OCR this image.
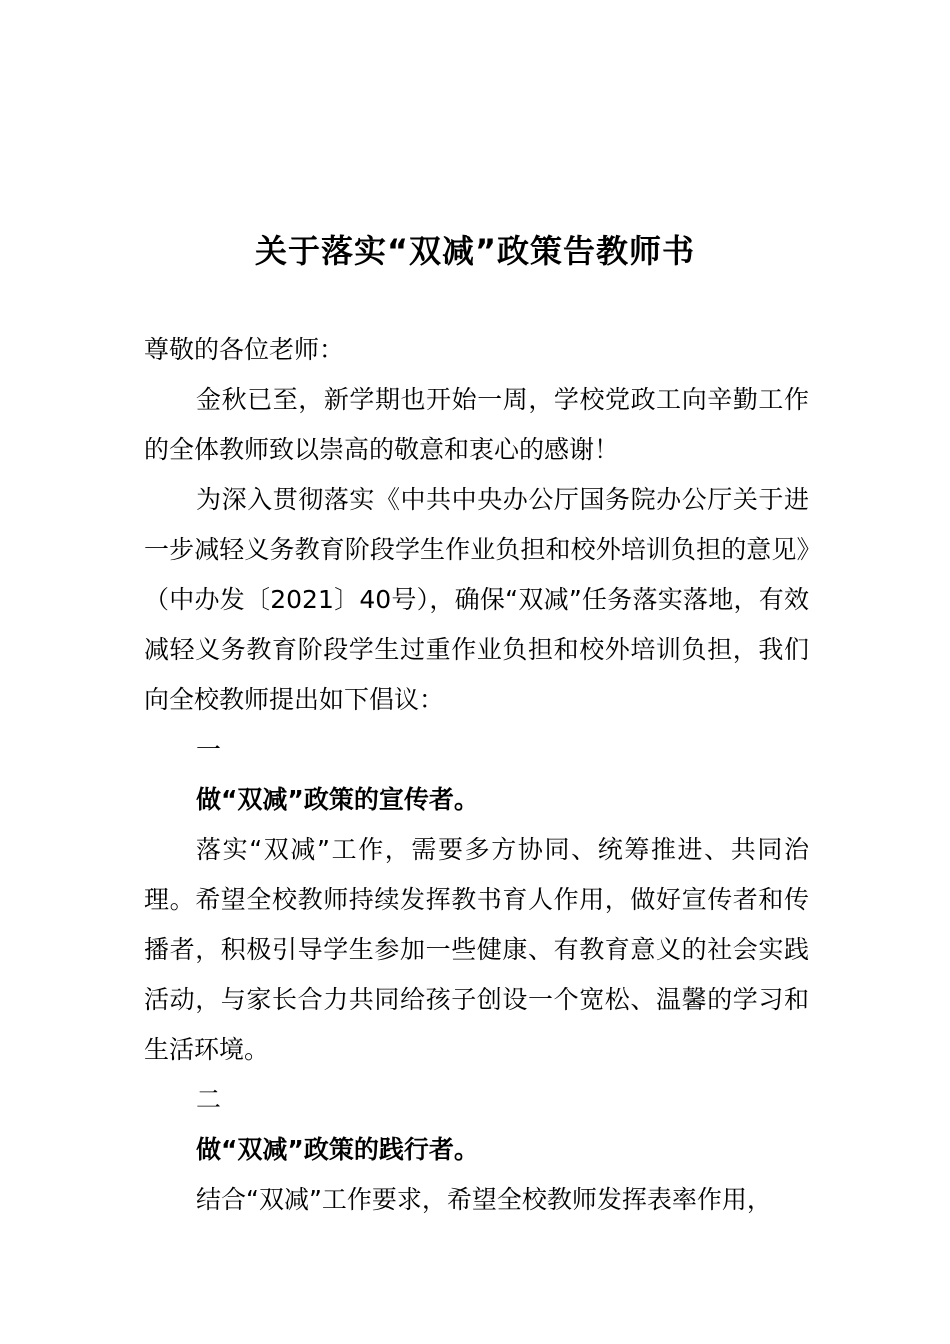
关于落实“双减”政策告教师书

尊敬的各位老师：

金秋已至，新学期也开始一周，学校党政工向辛勤工作的全体教师致以崇高的敬意和衷心的感谢！

为深入贯彻落实《中共中央办公厅国务院办公厅关于进一步减轻义务教育阶段学生作业负担和校外培训负担的意见》（中办发〔2021〕40号），确保“双减”任务落实落地，有效减轻义务教育阶段学生过重作业负担和校外培训负担，我们向全校教师提出如下倡议：

一

做“双减”政策的宣传者。

落实“双减”工作，需要多方协同、统筹推进、共同治理。希望全校教师持续发挥教书育人作用，做好宣传者和传播者，积极引导学生参加一些健康、有教育意义的社会实践活动，与家长合力共同给孩子创设一个宽松、温馨的学习和生活环境。

二

做“双减”政策的践行者。

结合“双减”工作要求，希望全校教师发挥表率作用，
